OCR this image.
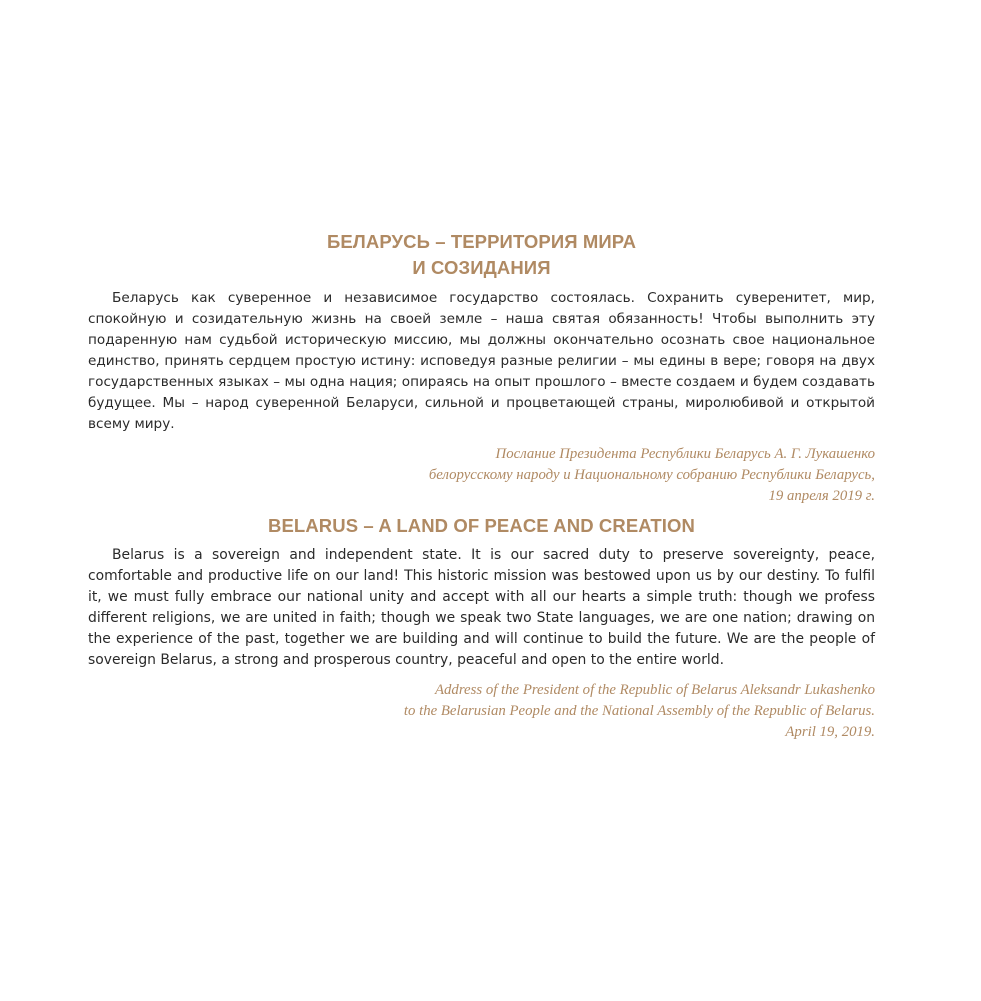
БЕЛАРУСЬ – ТЕРРИТОРИЯ МИРА
И СОЗИДАНИЯ

Беларусь как суверенное и независимое государство состоялась. Сохранить суверенитет, мир, спокойную и созидательную жизнь на своей земле – наша святая обязанность! Чтобы выполнить эту подаренную нам судьбой историческую миссию, мы должны окончательно осознать свое национальное единство, принять сердцем простую истину: исповедуя разные религии – мы едины в вере; говоря на двух государственных языках – мы одна нация; опираясь на опыт прошлого – вместе создаем и будем создавать будущее. Мы – народ суверенной Беларуси, сильной и процветающей страны, миролюбивой и открытой всему миру.

Послание Президента Республики Беларусь А. Г. Лукашенко
белорусскому народу и Национальному собранию Республики Беларусь,
19 апреля 2019 г.

BELARUS – A LAND OF PEACE AND CREATION

Belarus is a sovereign and independent state. It is our sacred duty to preserve sovereignty, peace, comfortable and productive life on our land! This historic mission was bestowed upon us by our destiny. To fulfil it, we must fully embrace our national unity and accept with all our hearts a simple truth: though we profess different religions, we are united in faith; though we speak two State languages, we are one nation; drawing on the experience of the past, together we are building and will continue to build the future. We are the people of sovereign Belarus, a strong and prosperous country, peaceful and open to the entire world.

Address of the President of the Republic of Belarus Aleksandr Lukashenko
to the Belarusian People and the National Assembly of the Republic of Belarus.
April 19, 2019.
